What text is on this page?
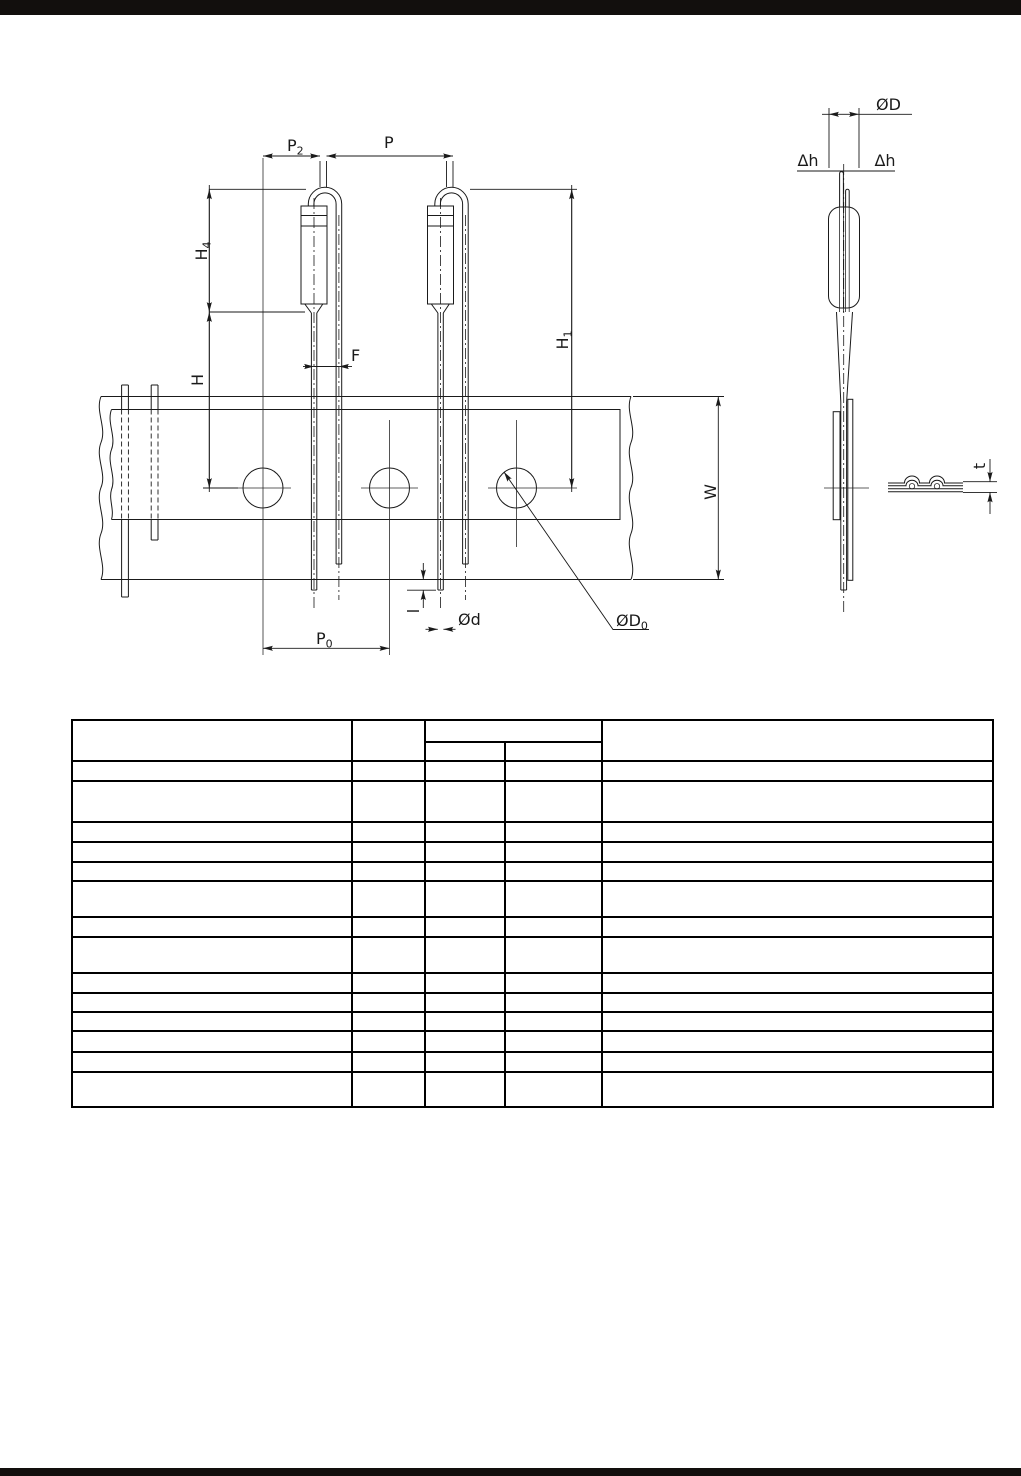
$P_2$	P
$H_4$
H
F
$H_1$
W
$P_0$
l Ød	$ØD_0$
ØD
Δh	Δh
t
